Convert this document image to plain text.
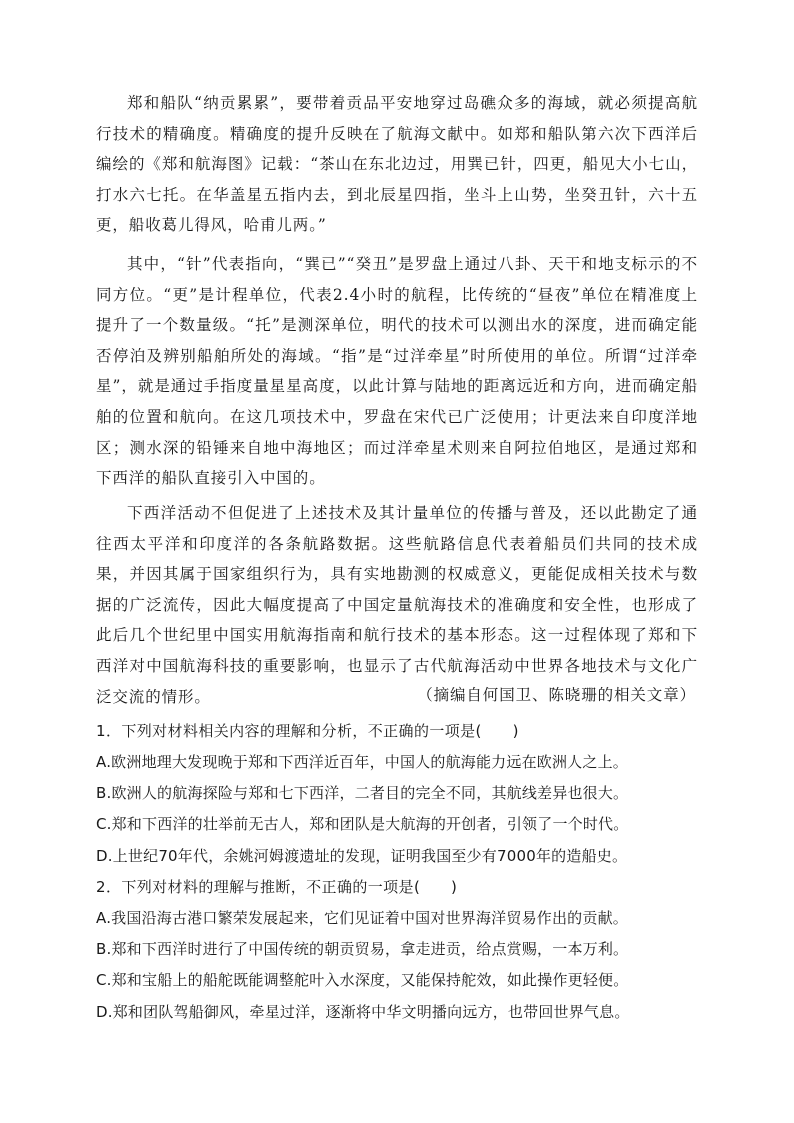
郑和船队“纳贡累累”，要带着贡品平安地穿过岛礁众多的海域，就必须提高航行技术的精确度。精确度的提升反映在了航海文献中。如郑和船队第六次下西洋后编绘的《郑和航海图》记载：“茶山在东北边过，用巽已针，四更，船见大小七山，打水六七托。在华盖星五指内去，到北辰星四指，坐斗上山势，坐癸丑针，六十五更，船收葛儿得风，哈甫儿两。”

其中，“针”代表指向，“巽已”“癸丑”是罗盘上通过八卦、天干和地支标示的不同方位。“更”是计程单位，代表2.4小时的航程，比传统的“昼夜”单位在精准度上提升了一个数量级。“托”是测深单位，明代的技术可以测出水的深度，进而确定能否停泊及辨别船舶所处的海域。“指”是“过洋牵星”时所使用的单位。所谓“过洋牵星”，就是通过手指度量星星高度，以此计算与陆地的距离远近和方向，进而确定船舶的位置和航向。在这几项技术中，罗盘在宋代已广泛使用；计更法来自印度洋地区；测水深的铅锤来自地中海地区；而过洋牵星术则来自阿拉伯地区，是通过郑和下西洋的船队直接引入中国的。

下西洋活动不但促进了上述技术及其计量单位的传播与普及，还以此勘定了通往西太平洋和印度洋的各条航路数据。这些航路信息代表着船员们共同的技术成果，并因其属于国家组织行为，具有实地勘测的权威意义，更能促成相关技术与数据的广泛流传，因此大幅度提高了中国定量航海技术的准确度和安全性，也形成了此后几个世纪里中国实用航海指南和航行技术的基本形态。这一过程体现了郑和下西洋对中国航海科技的重要影响，也显示了古代航海活动中世界各地技术与文化广泛交流的情形。	（摘编自何国卫、陈晓珊的相关文章）

1．下列对材料相关内容的理解和分析，不正确的一项是(　　)

A.欧洲地理大发现晚于郑和下西洋近百年，中国人的航海能力远在欧洲人之上。

B.欧洲人的航海探险与郑和七下西洋，二者目的完全不同，其航线差异也很大。

C.郑和下西洋的壮举前无古人，郑和团队是大航海的开创者，引领了一个时代。

D.上世纪70年代，余姚河姆渡遗址的发现，证明我国至少有7000年的造船史。

2．下列对材料的理解与推断，不正确的一项是(　　)

A.我国沿海古港口繁荣发展起来，它们见证着中国对世界海洋贸易作出的贡献。

B.郑和下西洋时进行了中国传统的朝贡贸易，拿走进贡，给点赏赐，一本万利。

C.郑和宝船上的船舵既能调整舵叶入水深度，又能保持舵效，如此操作更轻便。

D.郑和团队驾船御风，牵星过洋，逐渐将中华文明播向远方，也带回世界气息。
